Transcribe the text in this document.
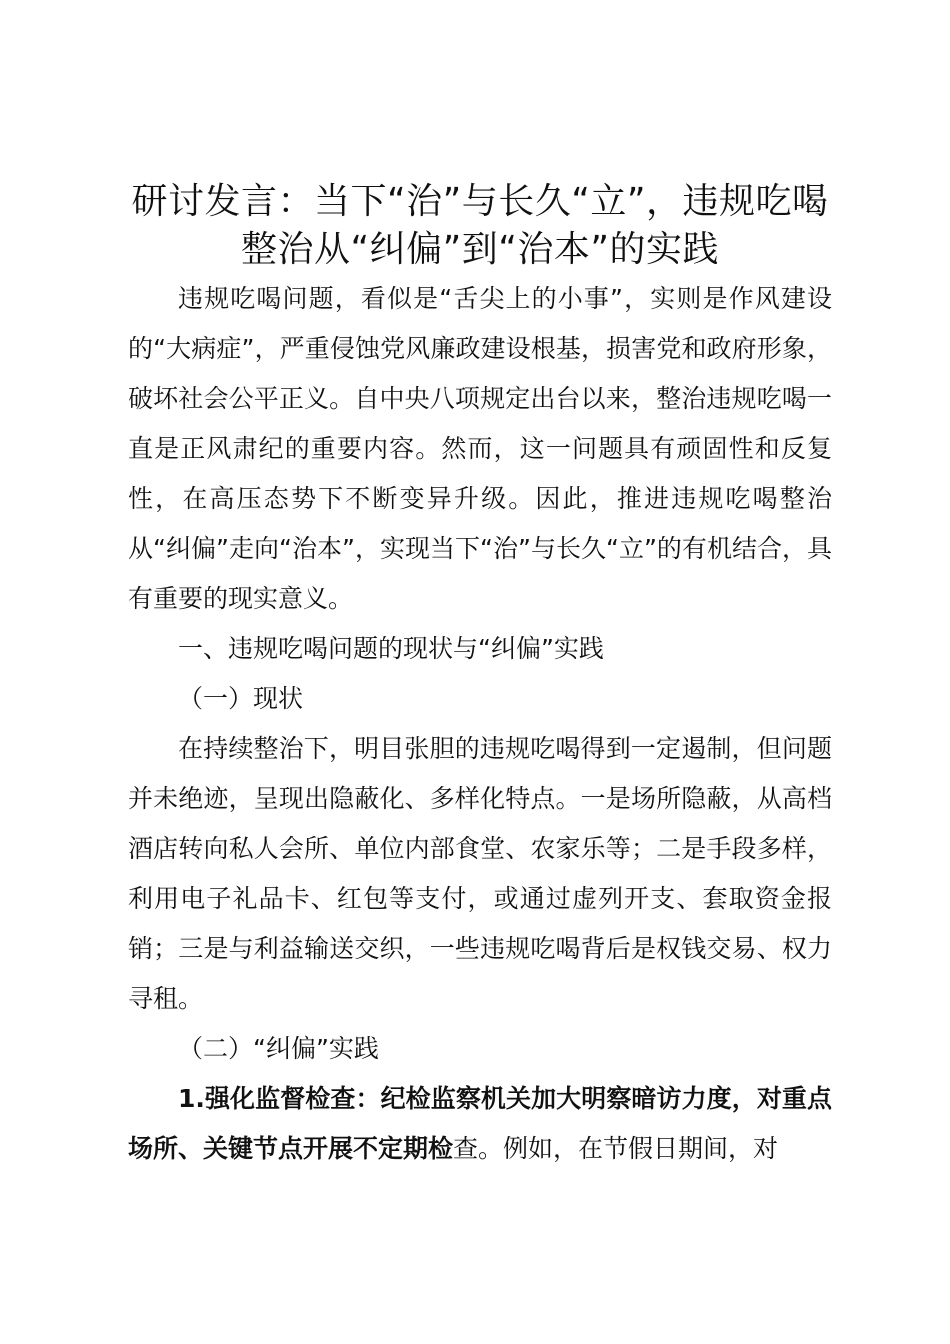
研讨发言：当下“治”与长久“立”，违规吃喝整治从“纠偏”到“治本”的实践

违规吃喝问题，看似是“舌尖上的小事”，实则是作风建设的“大病症”，严重侵蚀党风廉政建设根基，损害党和政府形象，破坏社会公平正义。自中央八项规定出台以来，整治违规吃喝一直是正风肃纪的重要内容。然而，这一问题具有顽固性和反复性，在高压态势下不断变异升级。因此，推进违规吃喝整治从“纠偏”走向“治本”，实现当下“治”与长久“立”的有机结合，具有重要的现实意义。

一、违规吃喝问题的现状与“纠偏”实践

（一）现状

在持续整治下，明目张胆的违规吃喝得到一定遏制，但问题并未绝迹，呈现出隐蔽化、多样化特点。一是场所隐蔽，从高档酒店转向私人会所、单位内部食堂、农家乐等；二是手段多样，利用电子礼品卡、红包等支付，或通过虚列开支、套取资金报销；三是与利益输送交织，一些违规吃喝背后是权钱交易、权力寻租。

（二）“纠偏”实践

1.强化监督检查：纪检监察机关加大明察暗访力度，对重点场所、关键节点开展不定期检查。例如，在节假日期间，对
